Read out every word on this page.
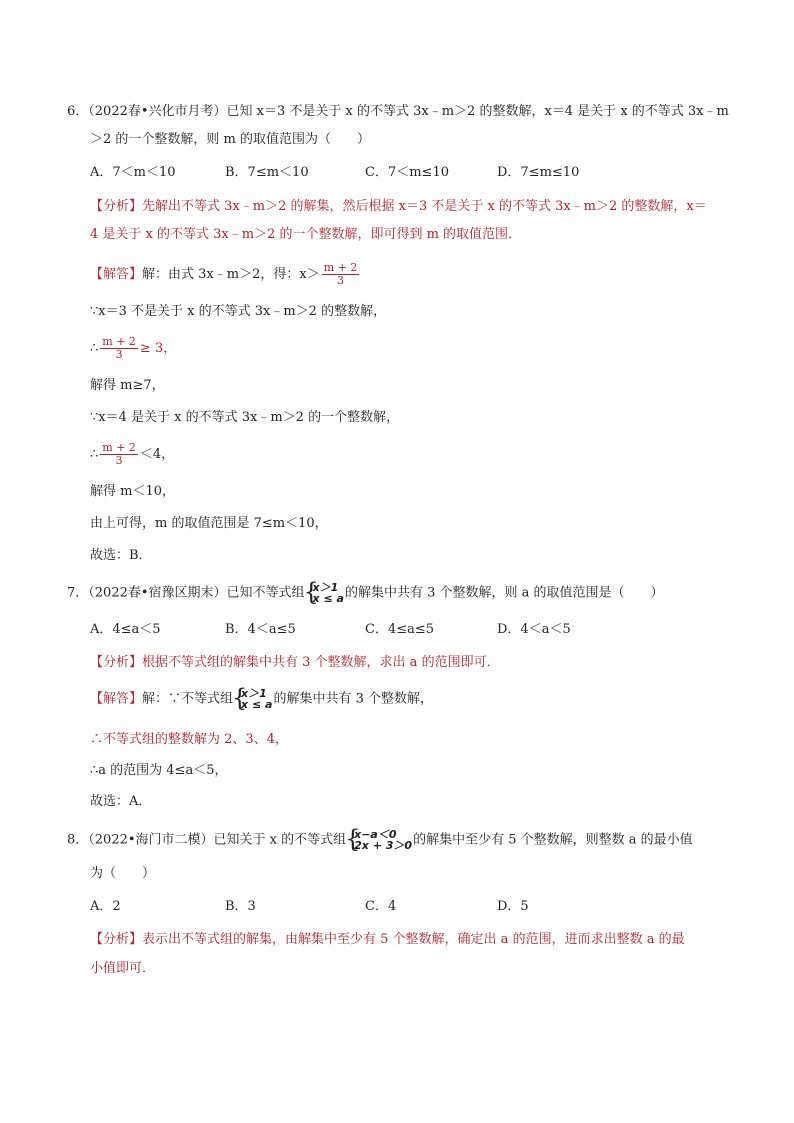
6．（2022春•兴化市月考）已知 x＝3 不是关于 x 的不等式 3x﹣m＞2 的整数解，x＝4 是关于 x 的不等式 3x﹣m
＞2 的一个整数解，则 m 的取值范围为（　　）
A．7＜m＜10	B．7≤m＜10	C．7＜m≤10	D．7≤m≤10
【分析】先解出不等式 3x﹣m＞2 的解集，然后根据 x＝3 不是关于 x 的不等式 3x﹣m＞2 的整数解，x＝
4 是关于 x 的不等式 3x﹣m＞2 的一个整数解，即可得到 m 的取值范围．
【解答】解：由式 3x﹣m＞2，得：$x> \frac{m + 2}{3}$
∵x＝3 不是关于 x 的不等式 3x﹣m＞2 的整数解，
∴ $\frac{m + 2}{3} \ge 3$，
解得 m≥7，
∵x＝4 是关于 x 的不等式 3x﹣m＞2 的一个整数解，
∴ $\frac{m + 2}{3} <4$，
解得 m＜10，
由上可得，m 的取值范围是 7≤m＜10，
故选：B．
7．（2022春•宿豫区期末）已知不等式组 { x＞1
x ≤ a 的解集中共有 3 个整数解，则 a 的取值范围是（　　）
A．4≤a＜5	B．4＜a≤5	C．4≤a≤5	D．4＜a＜5
【分析】根据不等式组的解集中共有 3 个整数解，求出 a 的范围即可．
【解答】解：∵不等式组 { x＞1
x ≤ a 的解集中共有 3 个整数解，
∴不等式组的整数解为 2、3、4，
∴a 的范围为 4≤a＜5，
故选：A．
8．（2022•海门市二模）已知关于 x 的不等式组 { x−a＜0
2x + 3＞0 的解集中至少有 5 个整数解，则整数 a 的最小值
为（　　）
A．2	B．3	C．4	D．5
【分析】表示出不等式组的解集，由解集中至少有 5 个整数解，确定出 a 的范围，进而求出整数 a 的最
小值即可．
